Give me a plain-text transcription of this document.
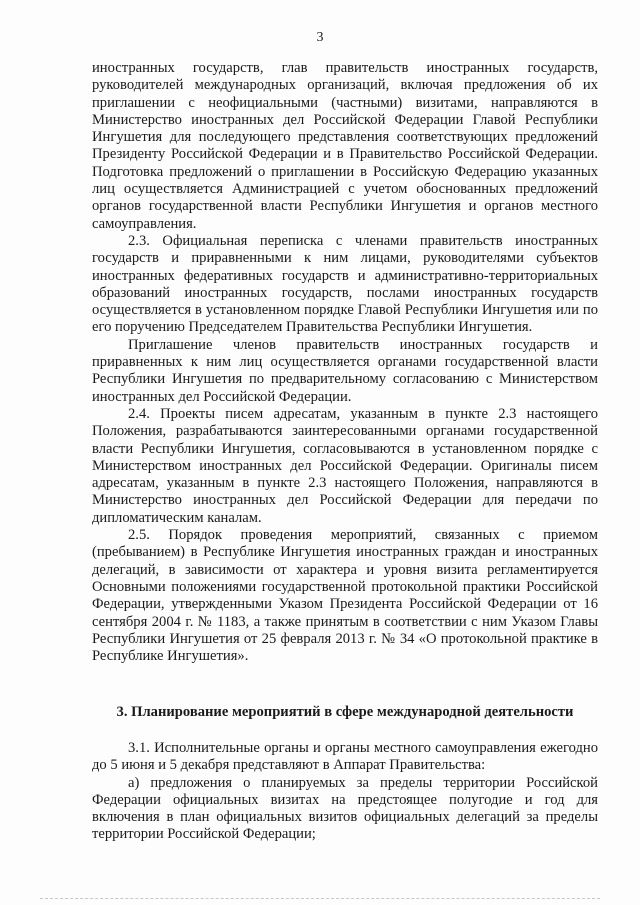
3

иностранных государств, глав правительств иностранных государств, руководителей международных организаций, включая предложения об их приглашении с неофициальными (частными) визитами, направляются в Министерство иностранных дел Российской Федерации Главой Республики Ингушетия для последующего представления соответствующих предложений Президенту Российской Федерации и в Правительство Российской Федерации. Подготовка предложений о приглашении в Российскую Федерацию указанных лиц осуществляется Администрацией с учетом обоснованных предложений органов государственной власти Республики Ингушетия и органов местного самоуправления.

2.3. Официальная переписка с членами правительств иностранных государств и приравненными к ним лицами, руководителями субъектов иностранных федеративных государств и административно-территориальных образований иностранных государств, послами иностранных государств осуществляется в установленном порядке Главой Республики Ингушетия или по его поручению Председателем Правительства Республики Ингушетия.

Приглашение членов правительств иностранных государств и приравненных к ним лиц осуществляется органами государственной власти Республики Ингушетия по предварительному согласованию с Министерством иностранных дел Российской Федерации.

2.4. Проекты писем адресатам, указанным в пункте 2.3 настоящего Положения, разрабатываются заинтересованными органами государственной власти Республики Ингушетия, согласовываются в установленном порядке с Министерством иностранных дел Российской Федерации. Оригиналы писем адресатам, указанным в пункте 2.3 настоящего Положения, направляются в Министерство иностранных дел Российской Федерации для передачи по дипломатическим каналам.

2.5. Порядок проведения мероприятий, связанных с приемом (пребыванием) в Республике Ингушетия иностранных граждан и иностранных делегаций, в зависимости от характера и уровня визита регламентируется Основными положениями государственной протокольной практики Российской Федерации, утвержденными Указом Президента Российской Федерации от 16 сентября 2004 г. № 1183, а также принятым в соответствии с ним Указом Главы Республики Ингушетия от 25 февраля 2013 г. № 34 «О протокольной практике в Республике Ингушетия».

3. Планирование мероприятий в сфере международной деятельности

3.1. Исполнительные органы и органы местного самоуправления ежегодно до 5 июня и 5 декабря представляют в Аппарат Правительства:

а) предложения о планируемых за пределы территории Российской Федерации официальных визитах на предстоящее полугодие и год для включения в план официальных визитов официальных делегаций за пределы территории Российской Федерации;
